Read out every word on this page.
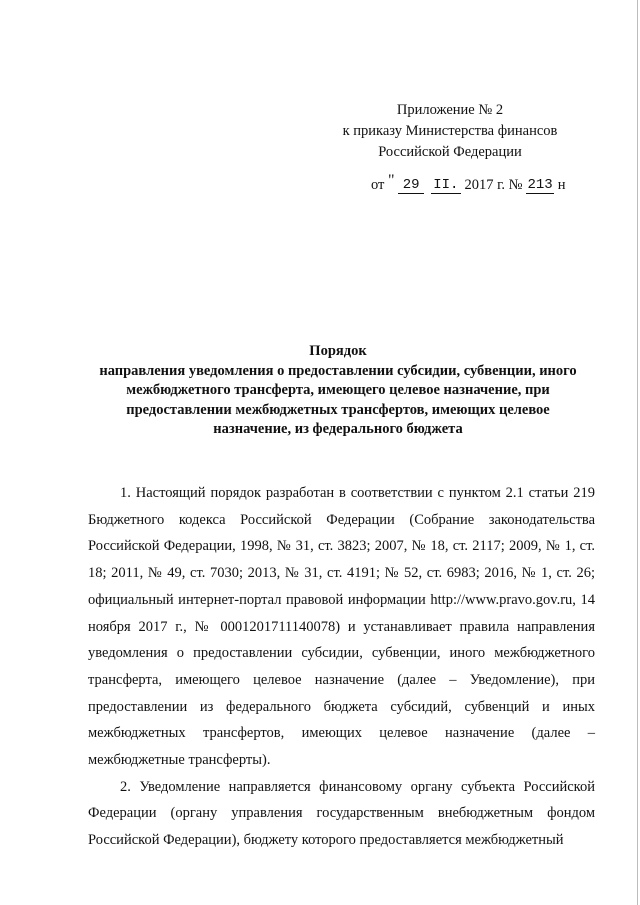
Приложение № 2
к приказу Министерства финансов
Российской Федерации
от " 29 II. 2017 г. № 213 н
Порядок
направления уведомления о предоставлении субсидии, субвенции, иного межбюджетного трансферта, имеющего целевое назначение, при предоставлении межбюджетных трансфертов, имеющих целевое назначение, из федерального бюджета

1. Настоящий порядок разработан в соответствии с пунктом 2.1 статьи 219 Бюджетного кодекса Российской Федерации (Собрание законодательства Российской Федерации, 1998, № 31, ст. 3823; 2007, № 18, ст. 2117; 2009, № 1, ст. 18; 2011, № 49, ст. 7030; 2013, № 31, ст. 4191; № 52, ст. 6983; 2016, № 1, ст. 26; официальный интернет-портал правовой информации http://www.pravo.gov.ru, 14 ноября 2017 г., № 0001201711140078) и устанавливает правила направления уведомления о предоставлении субсидии, субвенции, иного межбюджетного трансферта, имеющего целевое назначение (далее – Уведомление), при предоставлении из федерального бюджета субсидий, субвенций и иных межбюджетных трансфертов, имеющих целевое назначение (далее – межбюджетные трансферты).

2. Уведомление направляется финансовому органу субъекта Российской Федерации (органу управления государственным внебюджетным фондом Российской Федерации), бюджету которого предоставляется межбюджетный
